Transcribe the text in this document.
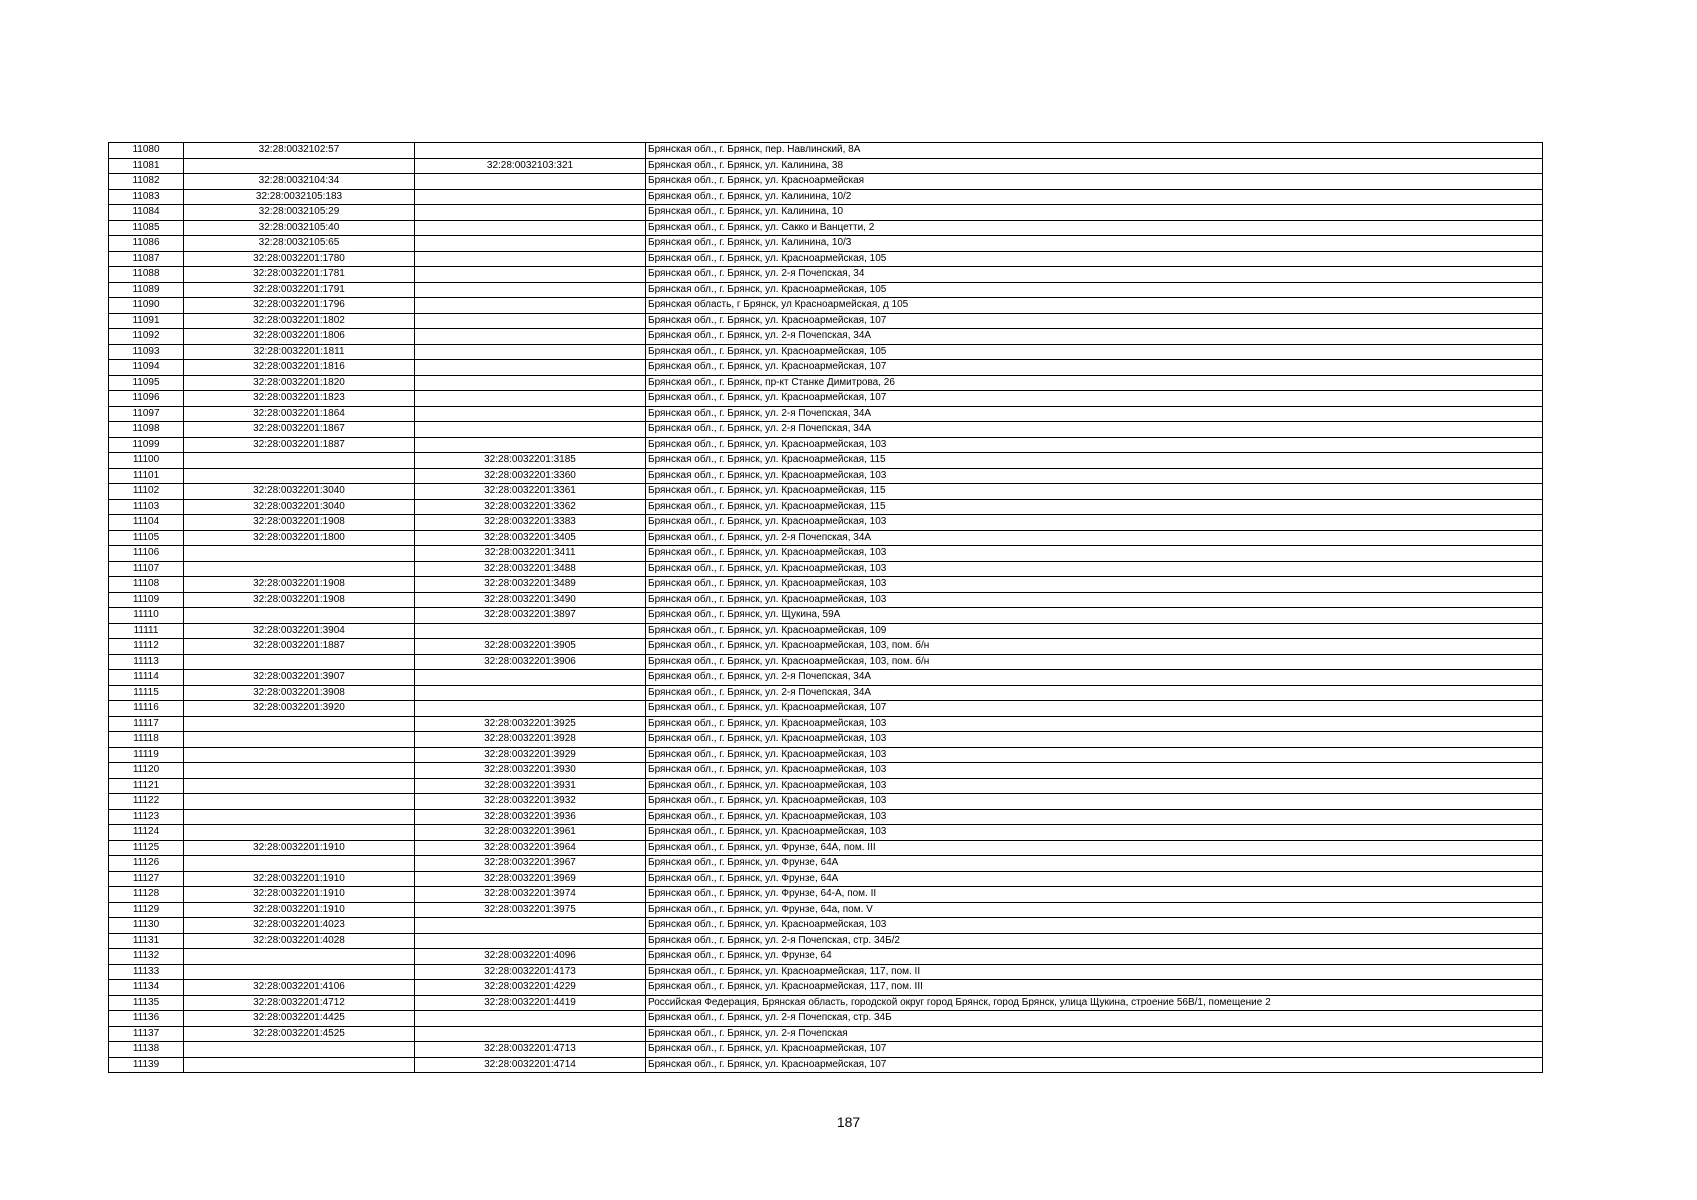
11080	32:28:0032102:57		Брянская обл., г. Брянск, пер. Навлинский, 8А
11081		32:28:0032103:321	Брянская обл., г. Брянск, ул. Калинина, 38
11082	32:28:0032104:34		Брянская обл., г. Брянск, ул. Красноармейская
11083	32:28:0032105:183		Брянская обл., г. Брянск, ул. Калинина, 10/2
11084	32:28:0032105:29		Брянская обл., г. Брянск, ул. Калинина, 10
11085	32:28:0032105:40		Брянская обл., г. Брянск, ул. Сакко и Ванцетти, 2
11086	32:28:0032105:65		Брянская обл., г. Брянск, ул. Калинина, 10/3
11087	32:28:0032201:1780		Брянская обл., г. Брянск, ул. Красноармейская, 105
11088	32:28:0032201:1781		Брянская обл., г. Брянск, ул. 2-я Почепская, 34
11089	32:28:0032201:1791		Брянская обл., г. Брянск, ул. Красноармейская, 105
11090	32:28:0032201:1796		Брянская область, г Брянск, ул Красноармейская, д 105
11091	32:28:0032201:1802		Брянская обл., г. Брянск, ул. Красноармейская, 107
11092	32:28:0032201:1806		Брянская обл., г. Брянск, ул. 2-я Почепская, 34А
11093	32:28:0032201:1811		Брянская обл., г. Брянск, ул. Красноармейская, 105
11094	32:28:0032201:1816		Брянская обл., г. Брянск, ул. Красноармейская, 107
11095	32:28:0032201:1820		Брянская обл., г. Брянск, пр-кт Станке Димитрова, 26
11096	32:28:0032201:1823		Брянская обл., г. Брянск, ул. Красноармейская, 107
11097	32:28:0032201:1864		Брянская обл., г. Брянск, ул. 2-я Почепская, 34А
11098	32:28:0032201:1867		Брянская обл., г. Брянск, ул. 2-я Почепская, 34А
11099	32:28:0032201:1887		Брянская обл., г. Брянск, ул. Красноармейская, 103
11100		32:28:0032201:3185	Брянская обл., г. Брянск, ул. Красноармейская, 115
11101		32:28:0032201:3360	Брянская обл., г. Брянск, ул. Красноармейская, 103
11102	32:28:0032201:3040	32:28:0032201:3361	Брянская обл., г. Брянск, ул. Красноармейская, 115
11103	32:28:0032201:3040	32:28:0032201:3362	Брянская обл., г. Брянск, ул. Красноармейская, 115
11104	32:28:0032201:1908	32:28:0032201:3383	Брянская обл., г. Брянск, ул. Красноармейская, 103
11105	32:28:0032201:1800	32:28:0032201:3405	Брянская обл., г. Брянск, ул. 2-я Почепская, 34А
11106		32:28:0032201:3411	Брянская обл., г. Брянск, ул. Красноармейская, 103
11107		32:28:0032201:3488	Брянская обл., г. Брянск, ул. Красноармейская, 103
11108	32:28:0032201:1908	32:28:0032201:3489	Брянская обл., г. Брянск, ул. Красноармейская, 103
11109	32:28:0032201:1908	32:28:0032201:3490	Брянская обл., г. Брянск, ул. Красноармейская, 103
11110		32:28:0032201:3897	Брянская обл., г. Брянск, ул. Щукина, 59А
11111	32:28:0032201:3904		Брянская обл., г. Брянск, ул. Красноармейская, 109
11112	32:28:0032201:1887	32:28:0032201:3905	Брянская обл., г. Брянск, ул. Красноармейская, 103, пом. б/н
11113		32:28:0032201:3906	Брянская обл., г. Брянск, ул. Красноармейская, 103, пом. б/н
11114	32:28:0032201:3907		Брянская обл., г. Брянск, ул. 2-я Почепская, 34А
11115	32:28:0032201:3908		Брянская обл., г. Брянск, ул. 2-я Почепская, 34А
11116	32:28:0032201:3920		Брянская обл., г. Брянск, ул. Красноармейская, 107
11117		32:28:0032201:3925	Брянская обл., г. Брянск, ул. Красноармейская, 103
11118		32:28:0032201:3928	Брянская обл., г. Брянск, ул. Красноармейская, 103
11119		32:28:0032201:3929	Брянская обл., г. Брянск, ул. Красноармейская, 103
11120		32:28:0032201:3930	Брянская обл., г. Брянск, ул. Красноармейская, 103
11121		32:28:0032201:3931	Брянская обл., г. Брянск, ул. Красноармейская, 103
11122		32:28:0032201:3932	Брянская обл., г. Брянск, ул. Красноармейская, 103
11123		32:28:0032201:3936	Брянская обл., г. Брянск, ул. Красноармейская, 103
11124		32:28:0032201:3961	Брянская обл., г. Брянск, ул. Красноармейская, 103
11125	32:28:0032201:1910	32:28:0032201:3964	Брянская обл., г. Брянск, ул. Фрунзе, 64А, пом. III
11126		32:28:0032201:3967	Брянская обл., г. Брянск, ул. Фрунзе, 64А
11127	32:28:0032201:1910	32:28:0032201:3969	Брянская обл., г. Брянск, ул. Фрунзе, 64А
11128	32:28:0032201:1910	32:28:0032201:3974	Брянская обл., г. Брянск, ул. Фрунзе, 64-А, пом. II
11129	32:28:0032201:1910	32:28:0032201:3975	Брянская обл., г. Брянск, ул. Фрунзе, 64а, пом. V
11130	32:28:0032201:4023		Брянская обл., г. Брянск, ул. Красноармейская, 103
11131	32:28:0032201:4028		Брянская обл., г. Брянск, ул. 2-я Почепская, стр. 34Б/2
11132		32:28:0032201:4096	Брянская обл., г. Брянск, ул. Фрунзе, 64
11133		32:28:0032201:4173	Брянская обл., г. Брянск, ул. Красноармейская, 117, пом. II
11134	32:28:0032201:4106	32:28:0032201:4229	Брянская обл., г. Брянск, ул. Красноармейская, 117, пом. III
11135	32:28:0032201:4712	32:28:0032201:4419	Российская Федерация, Брянская область, городской округ город Брянск, город Брянск, улица Щукина, строение 56В/1, помещение 2
11136	32:28:0032201:4425		Брянская обл., г. Брянск, ул. 2-я Почепская, стр. 34Б
11137	32:28:0032201:4525		Брянская обл., г. Брянск, ул. 2-я Почепская
11138		32:28:0032201:4713	Брянская обл., г. Брянск, ул. Красноармейская, 107
11139		32:28:0032201:4714	Брянская обл., г. Брянск, ул. Красноармейская, 107
187
